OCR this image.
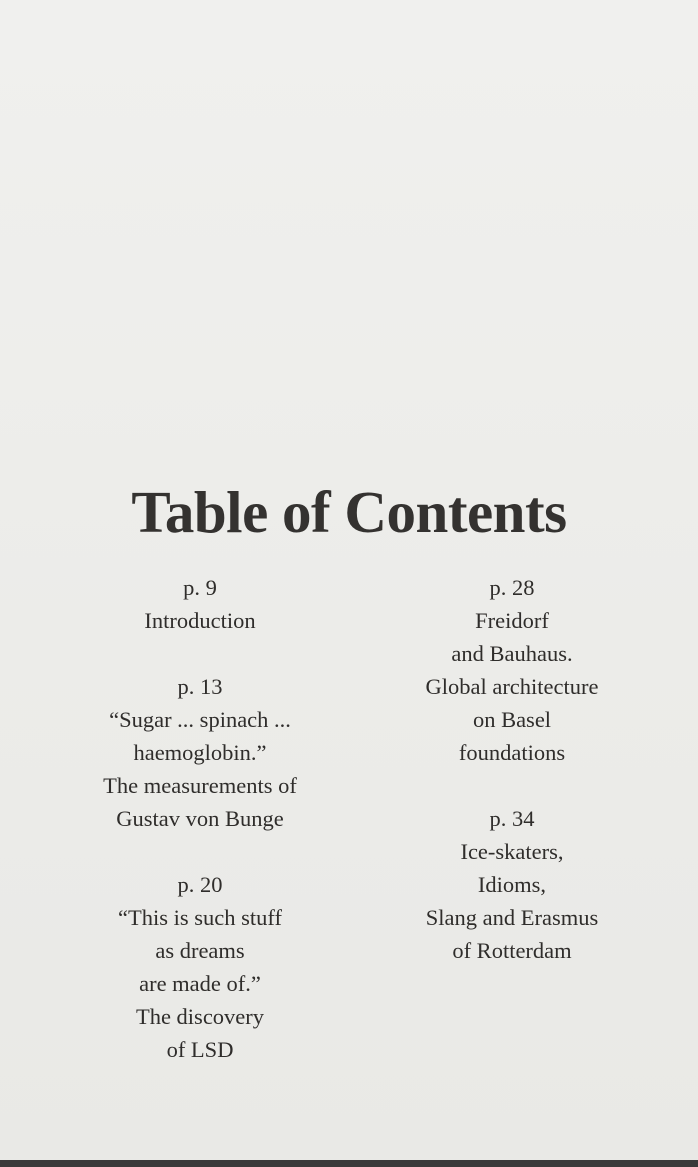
Table of Contents
p. 9
Introduction
p. 13
“Sugar ... spinach ...
haemoglobin.”
The measurements of
Gustav von Bunge
p. 20
“This is such stuff
as dreams
are made of.”
The discovery
of LSD
p. 28
Freidorf
and Bauhaus.
Global architecture
on Basel
foundations
p. 34
Ice-skaters,
Idioms,
Slang and Erasmus
of Rotterdam
